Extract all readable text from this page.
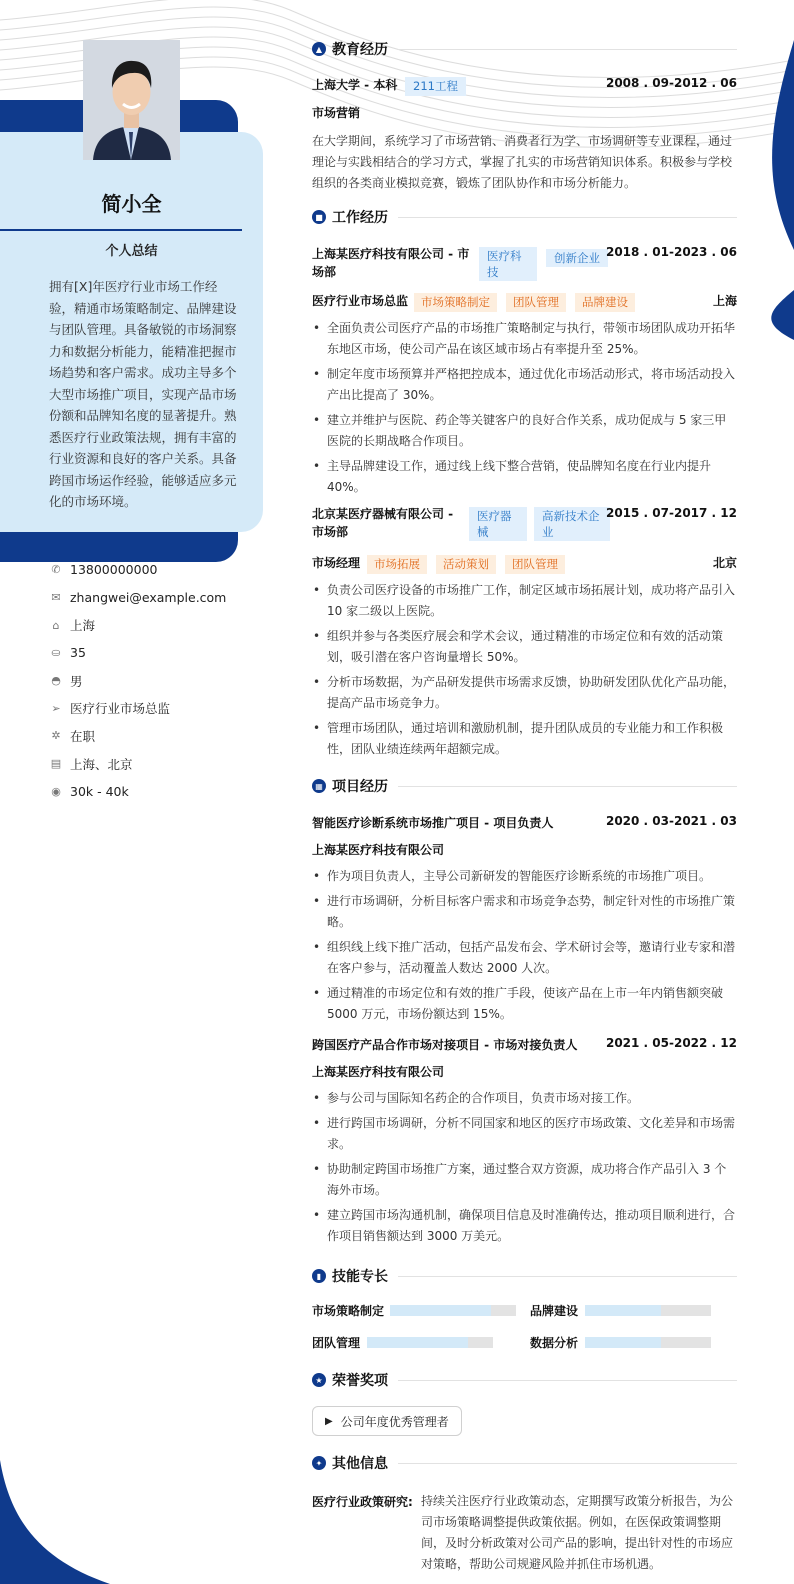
简小全
个人总结
拥有[X]年医疗行业市场工作经验，精通市场策略制定、品牌建设与团队管理。具备敏锐的市场洞察力和数据分析能力，能精准把握市场趋势和客户需求。成功主导多个大型市场推广项目，实现产品市场份额和品牌知名度的显著提升。熟悉医疗行业政策法规，拥有丰富的行业资源和良好的客户关系。具备跨国市场运作经验，能够适应多元化的市场环境。
✆ 13800000000
✉ zhangwei@example.com
⌂ 上海
⛀ 35
◓ 男
➢ 医疗行业市场总监
✲ 在职
▤ 上海、北京
◉ 30k - 40k
▲ 教育经历
上海大学 - 本科	211工程	2008 . 09-2012 . 06
市场营销
在大学期间，系统学习了市场营销、消费者行为学、市场调研等专业课程，通过理论与实践相结合的学习方式，掌握了扎实的市场营销知识体系。积极参与学校组织的各类商业模拟竞赛，锻炼了团队协作和市场分析能力。
■ 工作经历
上海某医疗科技有限公司 - 市场部
医疗科技
创新企业 2018 . 01-2023 . 06
医疗行业市场总监	市场策略制定 团队管理 品牌建设	上海
• 全面负责公司医疗产品的市场推广策略制定与执行，带领市场团队成功开拓华东地区市场，使公司产品在该区域市场占有率提升至 25%。
• 制定年度市场预算并严格把控成本，通过优化市场活动形式，将市场活动投入产出比提高了 30%。
• 建立并维护与医院、药企等关键客户的良好合作关系，成功促成与 5 家三甲医院的长期战略合作项目。
• 主导品牌建设工作，通过线上线下整合营销，使品牌知名度在行业内提升 40%。
北京某医疗器械有限公司 - 市场部
医疗器械
高新技术企业
2015 . 07-2017 . 12
市场经理	市场拓展 活动策划 团队管理	北京
• 负责公司医疗设备的市场推广工作，制定区域市场拓展计划，成功将产品引入 10 家二级以上医院。
• 组织并参与各类医疗展会和学术会议，通过精准的市场定位和有效的活动策划，吸引潜在客户咨询量增长 50%。
• 分析市场数据，为产品研发提供市场需求反馈，协助研发团队优化产品功能，提高产品市场竞争力。
• 管理市场团队，通过培训和激励机制，提升团队成员的专业能力和工作积极性，团队业绩连续两年超额完成。
▦ 项目经历
智能医疗诊断系统市场推广项目 - 项目负责人	2020 . 03-2021 . 03
上海某医疗科技有限公司
• 作为项目负责人，主导公司新研发的智能医疗诊断系统的市场推广项目。
• 进行市场调研，分析目标客户需求和市场竞争态势，制定针对性的市场推广策略。
• 组织线上线下推广活动，包括产品发布会、学术研讨会等，邀请行业专家和潜在客户参与，活动覆盖人数达 2000 人次。
• 通过精准的市场定位和有效的推广手段，使该产品在上市一年内销售额突破 5000 万元，市场份额达到 15%。
跨国医疗产品合作市场对接项目 - 市场对接负责人	2021 . 05-2022 . 12
上海某医疗科技有限公司
• 参与公司与国际知名药企的合作项目，负责市场对接工作。
• 进行跨国市场调研，分析不同国家和地区的医疗市场政策、文化差异和市场需求。
• 协助制定跨国市场推广方案，通过整合双方资源，成功将合作产品引入 3 个海外市场。
• 建立跨国市场沟通机制，确保项目信息及时准确传达，推动项目顺利进行，合作项目销售额达到 3000 万美元。
▮ 技能专长
市场策略制定	品牌建设
团队管理	数据分析
★ 荣誉奖项
▶ 公司年度优秀管理者
✦ 其他信息
医疗行业政策研究: 持续关注医疗行业政策动态，定期撰写政策分析报告，为公司市场策略调整提供政策依据。例如，在医保政策调整期间，及时分析政策对公司产品的影响，提出针对性的市场应对策略，帮助公司规避风险并抓住市场机遇。
